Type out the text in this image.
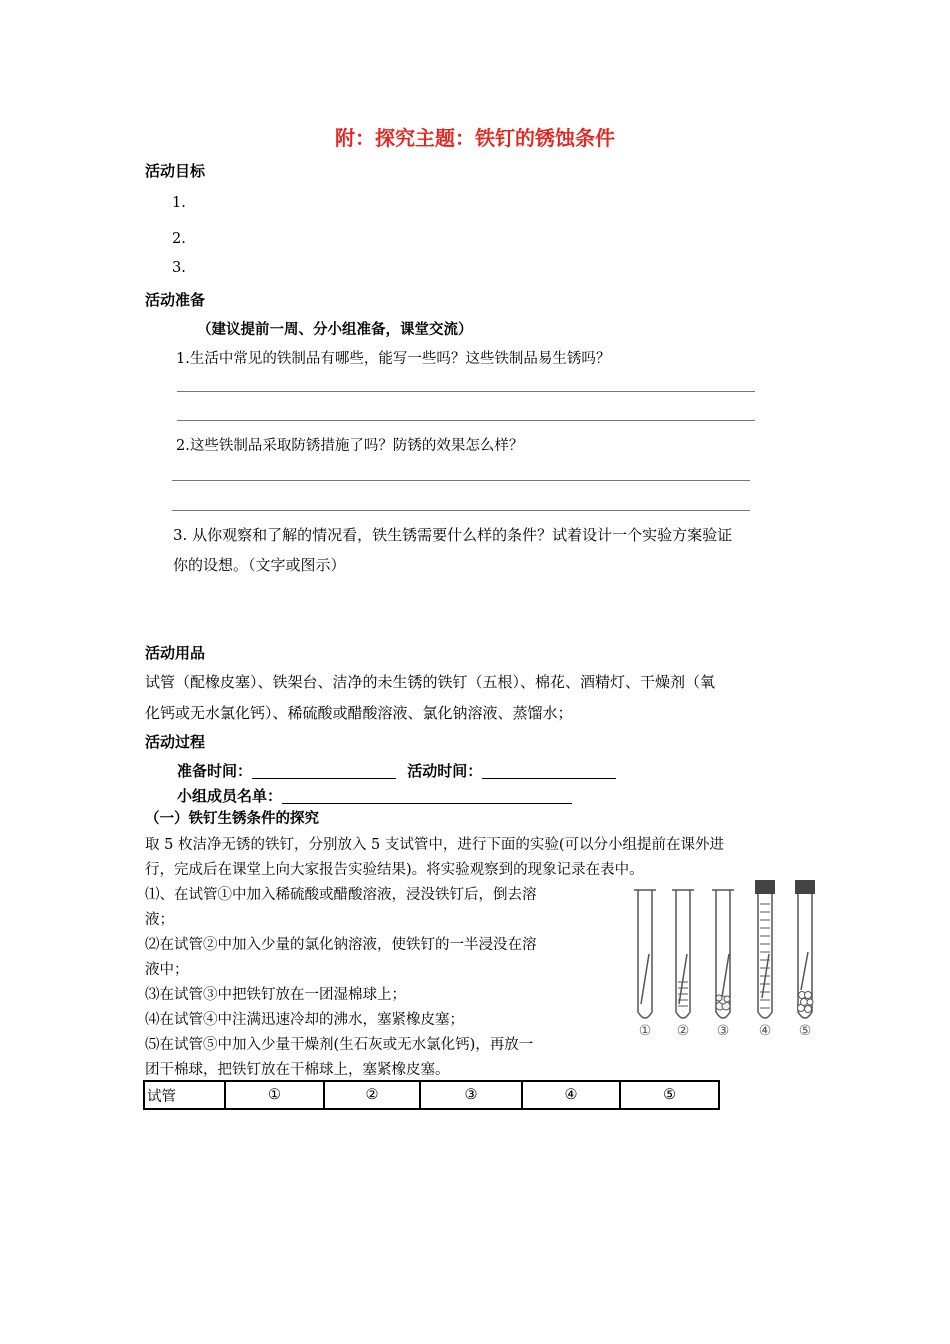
附：探究主题：铁钉的锈蚀条件
活动目标
1.
2.
3.
活动准备
（建议提前一周、分小组准备，课堂交流）
1.生活中常见的铁制品有哪些，能写一些吗？这些铁制品易生锈吗？
2.这些铁制品采取防锈措施了吗？防锈的效果怎么样？
3. 从你观察和了解的情况看，铁生锈需要什么样的条件？试着设计一个实验方案验证
你的设想。（文字或图示）
活动用品
试管（配橡皮塞）、铁架台、洁净的未生锈的铁钉（五根）、棉花、酒精灯、干燥剂（氧
化钙或无水氯化钙）、稀硫酸或醋酸溶液、氯化钠溶液、蒸馏水；
活动过程
准备时间：	活动时间：
小组成员名单：
（一）铁钉生锈条件的探究
取 5 枚洁净无锈的铁钉，分别放入 5 支试管中，进行下面的实验(可以分小组提前在课外进
行，完成后在课堂上向大家报告实验结果)。将实验观察到的现象记录在表中。
⑴、在试管①中加入稀硫酸或醋酸溶液，浸没铁钉后，倒去溶
液；
⑵在试管②中加入少量的氯化钠溶液，使铁钉的一半浸没在溶
液中；
⑶在试管③中把铁钉放在一团湿棉球上；
⑷在试管④中注满迅速冷却的沸水，塞紧橡皮塞；
⑸在试管⑤中加入少量干燥剂(生石灰或无水氯化钙)，再放一
团干棉球，把铁钉放在干棉球上，塞紧橡皮塞。
① ② ③ ④ ⑤
试管	①	②	③	④	⑤
